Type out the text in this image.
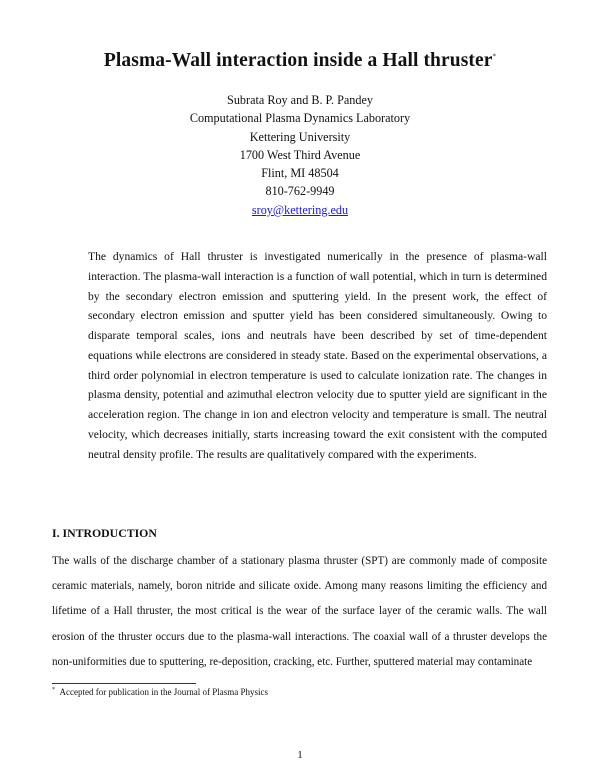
Plasma-Wall interaction inside a Hall thruster*
Subrata Roy and B. P. Pandey
Computational Plasma Dynamics Laboratory
Kettering University
1700 West Third Avenue
Flint, MI 48504
810-762-9949
sroy@kettering.edu

The dynamics of Hall thruster is investigated numerically in the presence of plasma-wall interaction. The plasma-wall interaction is a function of wall potential, which in turn is determined by the secondary electron emission and sputtering yield. In the present work, the effect of secondary electron emission and sputter yield has been considered simultaneously. Owing to disparate temporal scales, ions and neutrals have been described by set of time-dependent equations while electrons are considered in steady state. Based on the experimental observations, a third order polynomial in electron temperature is used to calculate ionization rate. The changes in plasma density, potential and azimuthal electron velocity due to sputter yield are significant in the acceleration region. The change in ion and electron velocity and temperature is small. The neutral velocity, which decreases initially, starts increasing toward the exit consistent with the computed neutral density profile. The results are qualitatively compared with the experiments.

I. INTRODUCTION

The walls of the discharge chamber of a stationary plasma thruster (SPT) are commonly made of composite ceramic materials, namely, boron nitride and silicate oxide. Among many reasons limiting the efficiency and lifetime of a Hall thruster, the most critical is the wear of the surface layer of the ceramic walls. The wall erosion of the thruster occurs due to the plasma-wall interactions. The coaxial wall of a thruster develops the non-uniformities due to sputtering, re-deposition, cracking, etc. Further, sputtered material may contaminate

* Accepted for publication in the Journal of Plasma Physics
1
